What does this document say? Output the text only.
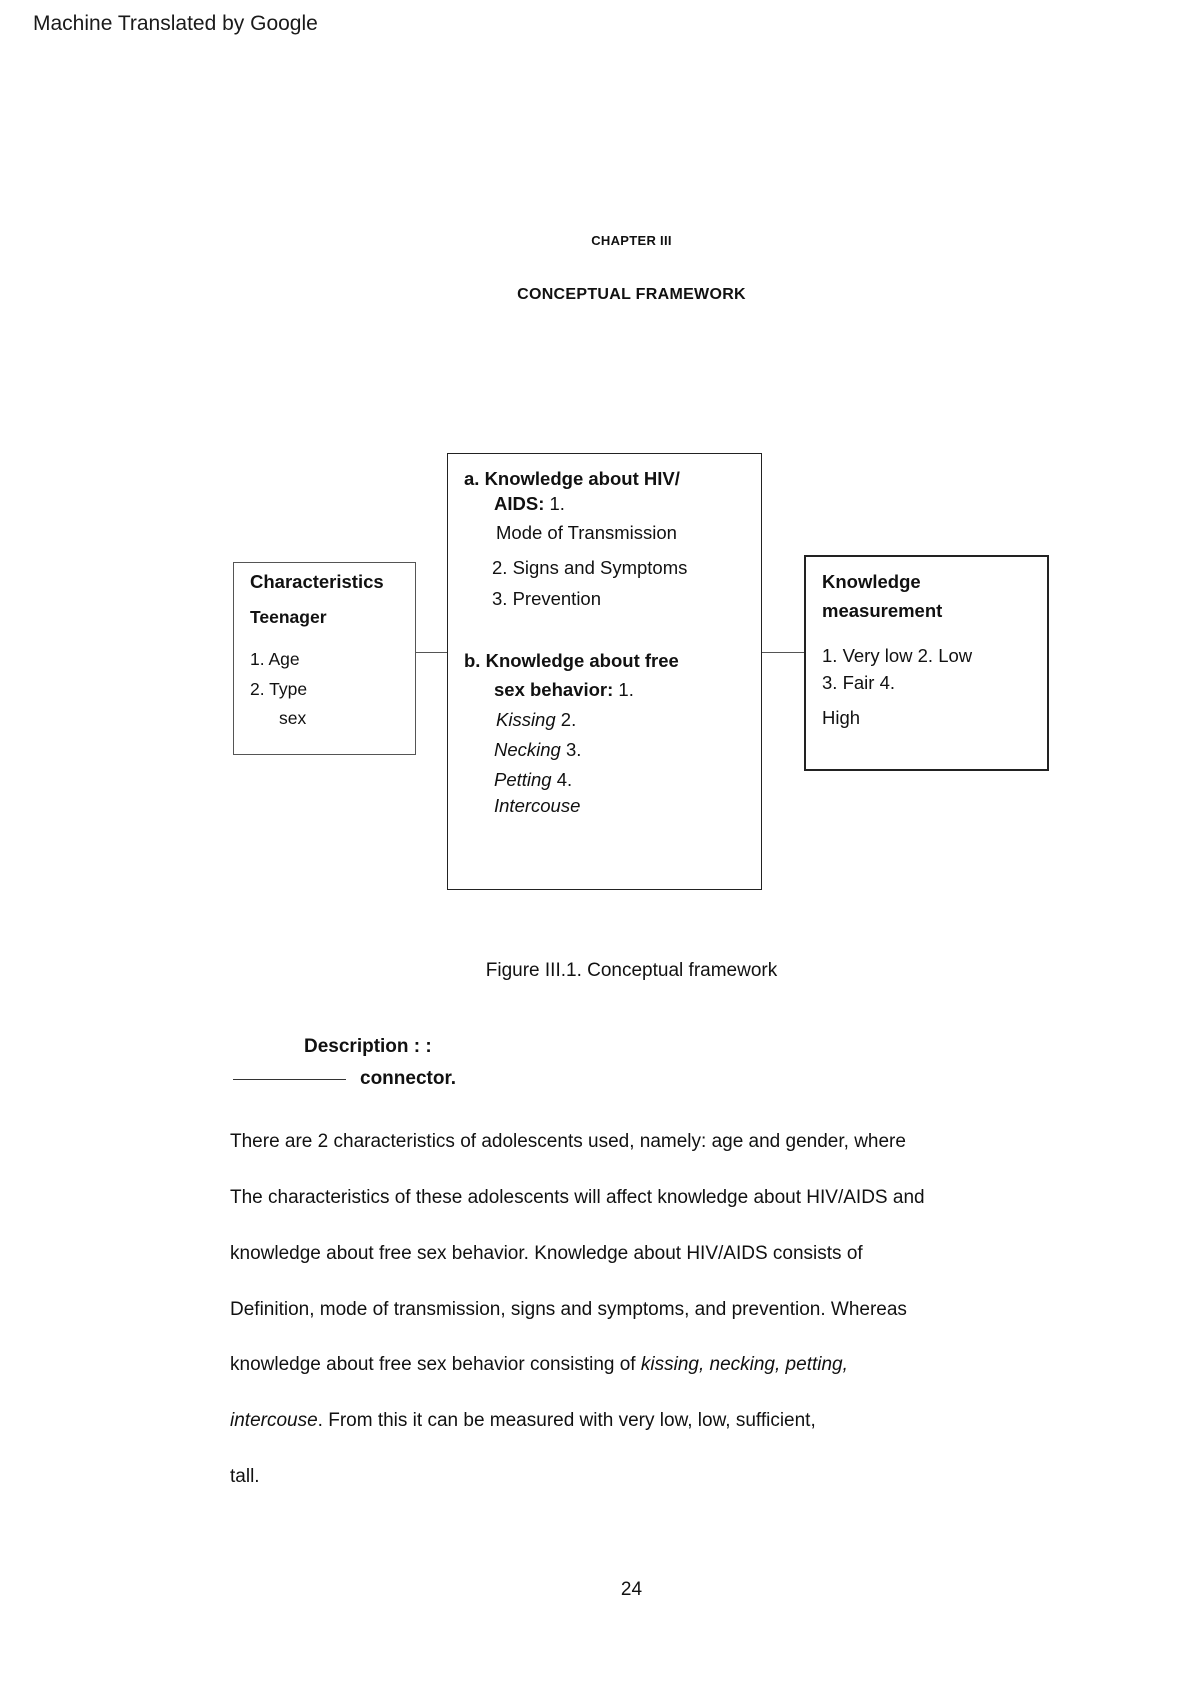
Machine Translated by Google
CHAPTER III
CONCEPTUAL FRAMEWORK
Characteristics
Teenager
1. Age
2. Type
sex
a. Knowledge about HIV/
AIDS: 1.
Mode of Transmission
2. Signs and Symptoms
3. Prevention
b. Knowledge about free
sex behavior: 1.
Kissing 2.
Necking 3.
Petting 4.
Intercouse
Knowledge
measurement
1. Very low 2. Low
3. Fair 4.
High
Figure III.1. Conceptual framework
Description : :
connector.
There are 2 characteristics of adolescents used, namely: age and gender, where
The characteristics of these adolescents will affect knowledge about HIV/AIDS and
knowledge about free sex behavior. Knowledge about HIV/AIDS consists of
Definition, mode of transmission, signs and symptoms, and prevention. Whereas
knowledge about free sex behavior consisting of kissing, necking, petting,
intercouse. From this it can be measured with very low, low, sufficient,
tall.
24
